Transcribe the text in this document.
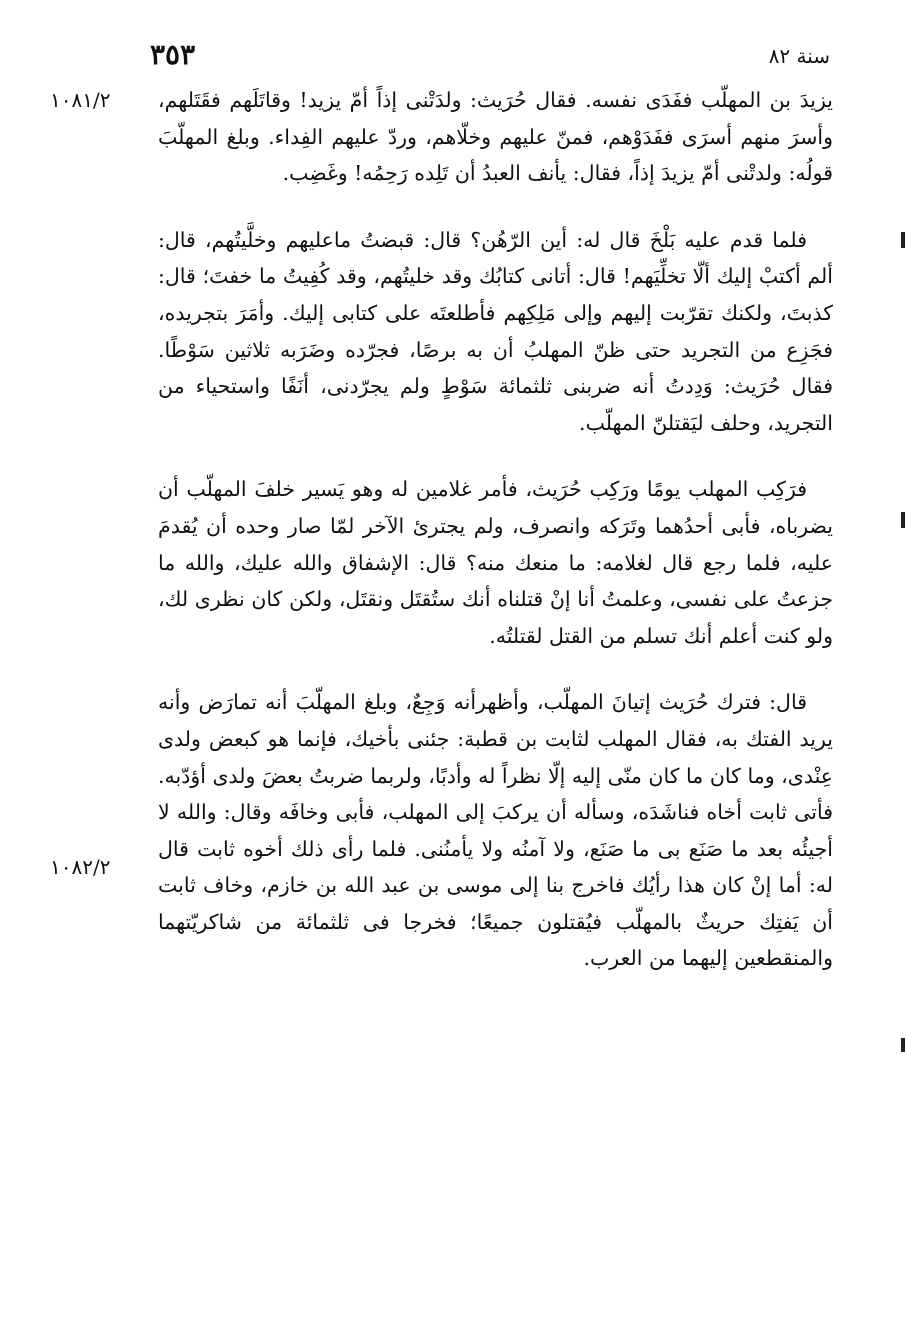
٣٥٣	سنة ٨٢
١٠٨١/٢
١٠٨٢/٢

يزيدَ بن المهلّب ففَدَى نفسه. فقال حُرَيث: ولدَتْنى إذاً أمّ يزيد! وقاتَلَهم فقَتَلهم، وأسرَ منهم أسرَى ففَدَوْهم، فمنّ عليهم وخلّاهم، وردّ عليهم الفِداء. وبلغ المهلّبَ قولُه: ولدتْنى أمّ يزيدَ إذاً، فقال: يأنف العبدُ أن تَلِده رَحِمُه! وغَضِب.

فلما قدم عليه بَلْخَ قال له: أين الرّهُن؟ قال: قبضتُ ماعليهم وخلَّيتُهم، قال: ألم أكتبْ إليك ألّا تخلِّيَهم! قال: أتانى كتابُك وقد خليتُهم، وقد كُفِيتُ ما خفتَ؛ قال: كذبتَ، ولكنك تقرّبت إليهم وإلى مَلِكِهم فأطلعتَه على كتابى إليك. وأمَرَ بتجريده، فجَزِع من التجريد حتى ظنّ المهلبُ أن به برصًا، فجرّده وضَرَبه ثلاثين سَوْطًا. فقال حُرَيث: وَدِدتُ أنه ضربنى ثلثمائة سَوْطٍ ولم يجرّدنى، أنَفًا واستحياء من التجريد، وحلف ليَقتلنّ المهلّب.

فرَكِب المهلب يومًا ورَكِب حُرَيث، فأمر غلامين له وهو يَسير خلفَ المهلّب أن يضرباه، فأبى أحدُهما وتَرَكه وانصرف، ولم يجترئ الآخر لمّا صار وحده أن يُقدمَ عليه، فلما رجع قال لغلامه: ما منعك منه؟ قال: الإشفاق والله عليك، والله ما جزعتُ على نفسى، وعلمتُ أنا إنْ قتلناه أنك ستُقتَل ونقتَل، ولكن كان نظرى لك، ولو كنت أعلم أنك تسلم من القتل لقتلتُه.

قال: فترك حُرَيث إتيانَ المهلّب، وأظهرأنه وَجِعٌ، وبلغ المهلّبَ أنه تمارَض وأنه يريد الفتك به، فقال المهلب لثابت بن قطبة: جئنى بأخيك، فإنما هو كبعض ولدى عِنْدى، وما كان ما كان منّى إليه إلّا نظراً له وأدبًا، ولربما ضربتُ بعضَ ولدى أؤدّبه. فأتى ثابت أخاه فناشَدَه، وسأله أن يركبَ إلى المهلب، فأبى وخافَه وقال: والله لا أجيئُه بعد ما صَنَع بى ما صَنَع، ولا آمنُه ولا يأمنُنى. فلما رأى ذلك أخوه ثابت قال له: أما إنْ كان هذا رأيُك فاخرج بنا إلى موسى بن عبد الله بن خازم، وخاف ثابت أن يَفتِك حريثٌ بالمهلّب فيُقتلون جميعًا؛ فخرجا فى ثلثمائة من شاكريّتهما والمنقطعين إليهما من العرب.
